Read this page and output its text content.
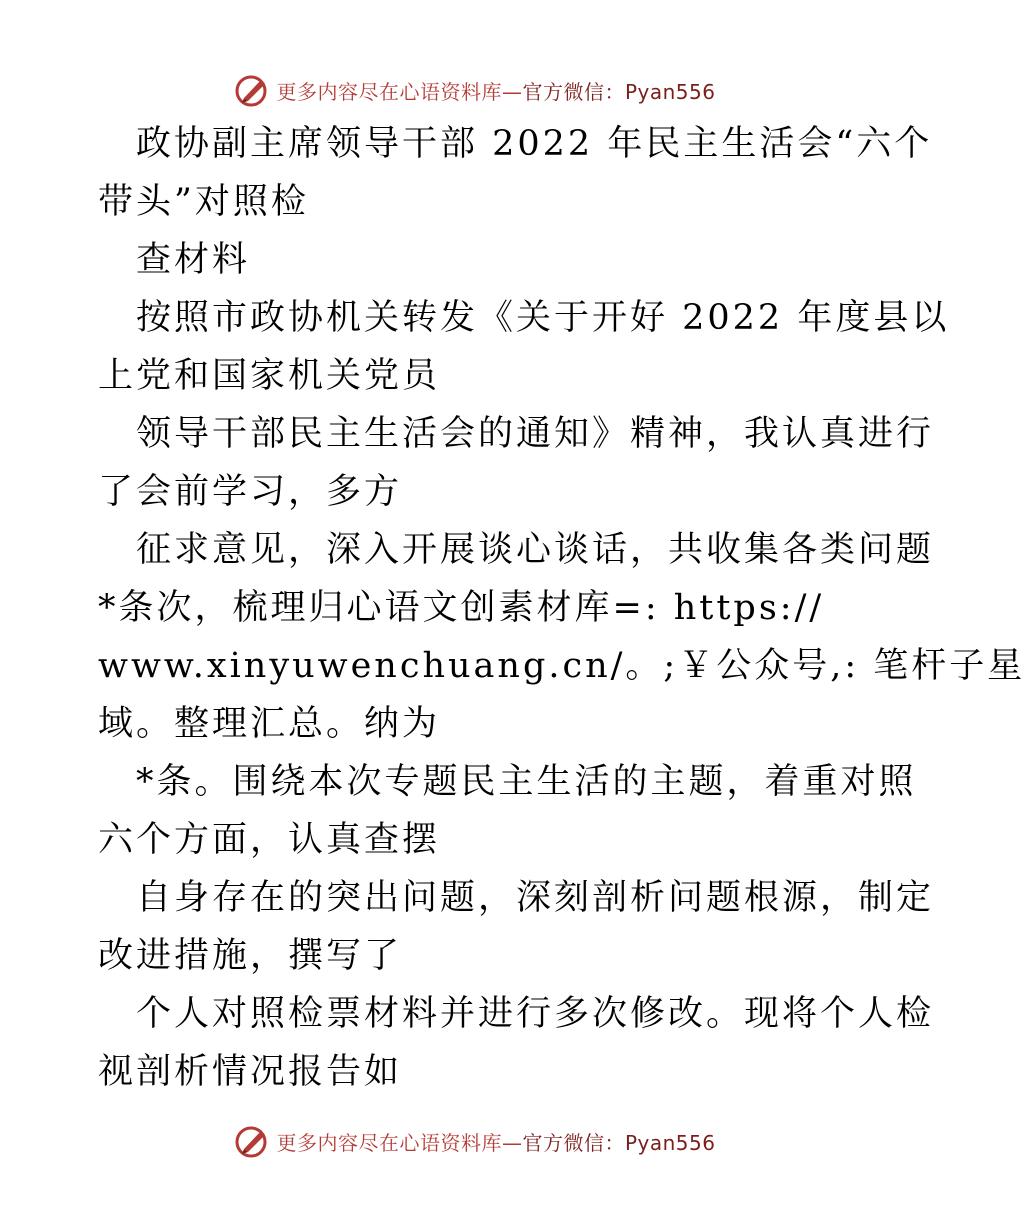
更多内容尽在心语资料库—官方微信：Pyan556
政协副主席领导干部 2022 年民主生活会“六个
带头”对照检
查材料
按照市政协机关转发《关于开好 2022 年度县以
上党和国家机关党员
领导干部民主生活会的通知》精神，我认真进行
了会前学习，多方
征求意见，深入开展谈心谈话，共收集各类问题
*条次，梳理归心语文创素材库=: https://
www.xinyuwenchuang.cn/。;￥公众号,: 笔杆子星
域。整理汇总。纳为
*条。围绕本次专题民主生活的主题，着重对照
六个方面，认真查摆
自身存在的突出问题，深刻剖析问题根源，制定
改进措施，撰写了
个人对照检票材料并进行多次修改。现将个人检
视剖析情况报告如
更多内容尽在心语资料库—官方微信：Pyan556
